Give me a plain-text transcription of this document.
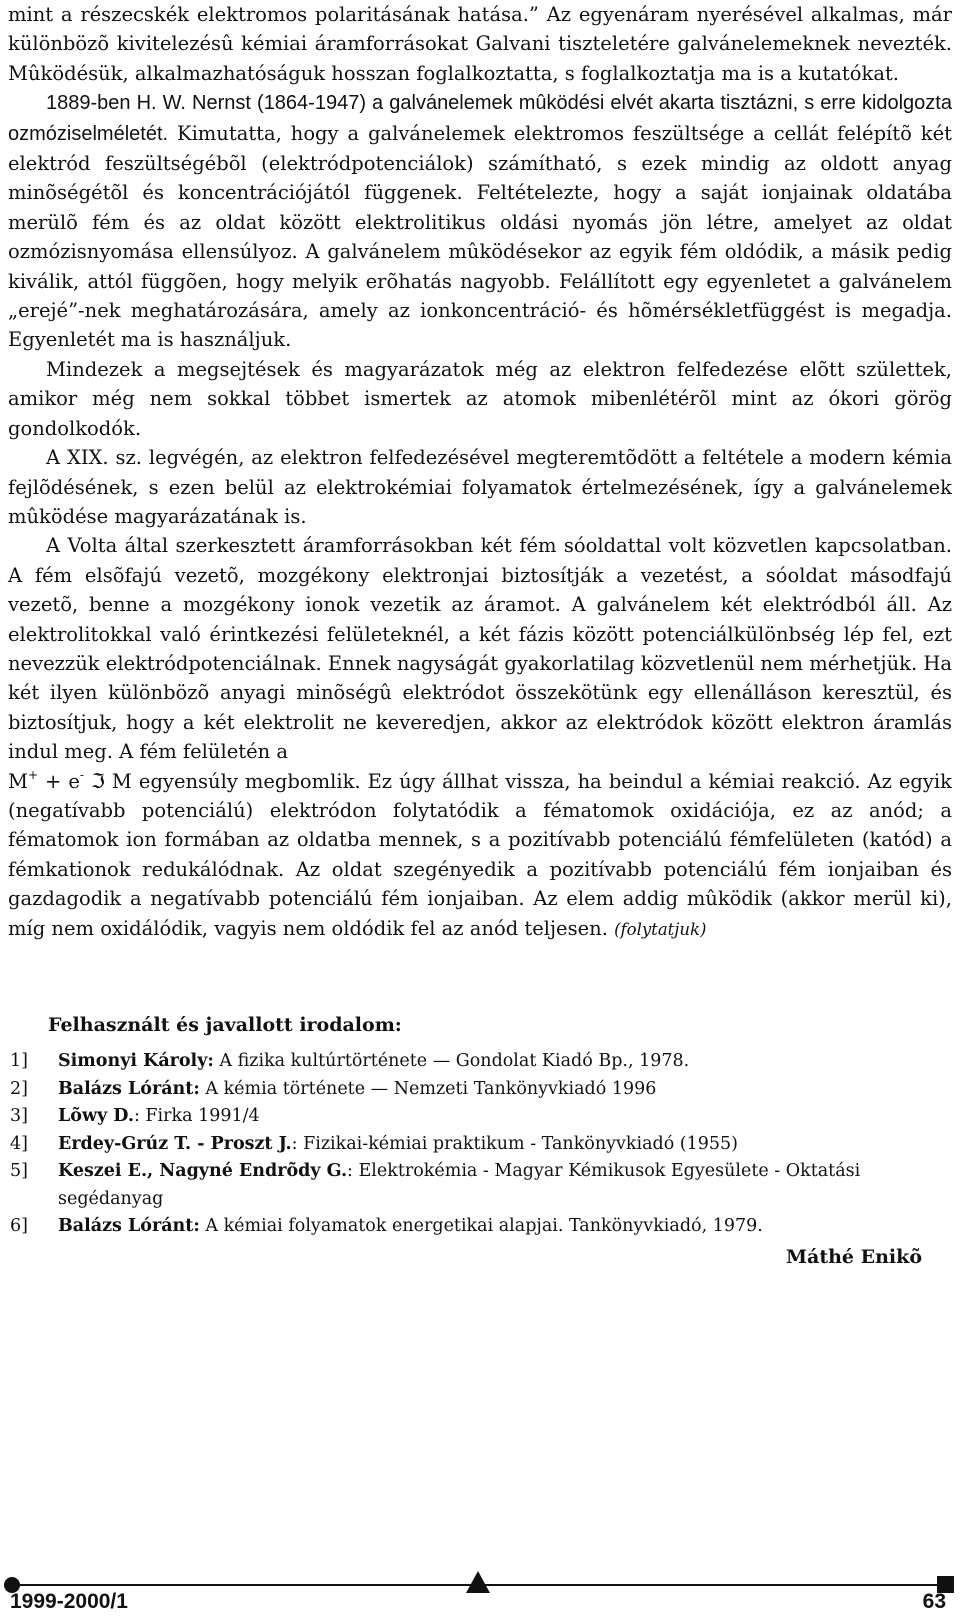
mint a részecskék elektromos polaritásának hatása.” Az egyenáram nyerésével alkalmas, már különbözõ kivitelezésû kémiai áramforrásokat Galvani tiszteletére galvánelemeknek nevezték. Mûködésük, alkalmazhatóságuk hosszan foglalkoztatta, s foglalkoztatja ma is a kutatókat.

1889-ben H. W. Nernst (1864-1947) a galvánelemek mûködési elvét akarta tisztázni, s erre kidolgozta ozmóziselméletét. Kimutatta, hogy a galvánelemek elektromos feszültsége a cellát felépítõ két elektród feszültségébõl (elektródpotenciálok) számítható, s ezek mindig az oldott anyag minõségétõl és koncentrációjától függenek. Feltételezte, hogy a saját ionjainak oldatába merülõ fém és az oldat között elektrolitikus oldási nyomás jön létre, amelyet az oldat ozmózisnyomása ellensúlyoz. A galvánelem mûködésekor az egyik fém oldódik, a másik pedig kiválik, attól függõen, hogy melyik erõhatás nagyobb. Felállított egy egyenletet a galvánelem „erejé”-nek meghatározására, amely az ionkoncentráció- és hõmérsékletfüggést is megadja. Egyenletét ma is használjuk.

Mindezek a megsejtések és magyarázatok még az elektron felfedezése elõtt születtek, amikor még nem sokkal többet ismertek az atomok mibenlétérõl mint az ókori görög gondolkodók.

A XIX. sz. legvégén, az elektron felfedezésével megteremtõdött a feltétele a modern kémia fejlõdésének, s ezen belül az elektrokémiai folyamatok értelmezésének, így a galvánelemek mûködése magyarázatának is.

A Volta által szerkesztett áramforrásokban két fém sóoldattal volt közvetlen kapcsolatban. A fém elsõfajú vezetõ, mozgékony elektronjai biztosítják a vezetést, a sóoldat másodfajú vezetõ, benne a mozgékony ionok vezetik az áramot. A galvánelem két elektródból áll. Az elektrolitokkal való érintkezési felületeknél, a két fázis között potenciálkülönbség lép fel, ezt nevezzük elektródpotenciálnak. Ennek nagyságát gyakorlatilag közvetlenül nem mérhetjük. Ha két ilyen különbözõ anyagi minõségû elektródot összekötünk egy ellenálláson keresztül, és biztosítjuk, hogy a két elektrolit ne keveredjen, akkor az elektródok között elektron áramlás indul meg. A fém felületén a
M+ + e- ℑ M egyensúly megbomlik. Ez úgy állhat vissza, ha beindul a kémiai reakció. Az egyik (negatívabb potenciálú) elektródon folytatódik a fématomok oxidációja, ez az anód; a fématomok ion formában az oldatba mennek, s a pozitívabb potenciálú fémfelületen (katód) a fémkationok redukálódnak. Az oldat szegényedik a pozitívabb potenciálú fém ionjaiban és gazdagodik a negatívabb potenciálú fém ionjaiban. Az elem addig mûködik (akkor merül ki), míg nem oxidálódik, vagyis nem oldódik fel az anód teljesen. (folytatjuk)

Felhasznált és javallott irodalom:
1]	Simonyi Károly: A fizika kultúrtörténete — Gondolat Kiadó Bp., 1978.
2]	Balázs Lóránt: A kémia története — Nemzeti Tankönyvkiadó 1996
3]	Lõwy D.: Firka 1991/4
4]	Erdey-Grúz T. - Proszt J.: Fizikai-kémiai praktikum - Tankönyvkiadó (1955)
5]	Keszei E., Nagyné Endrõdy G.: Elektrokémia - Magyar Kémikusok Egyesülete - Oktatási segédanyag
6]	Balázs Lóránt: A kémiai folyamatok energetikai alapjai. Tankönyvkiadó, 1979.
Máthé Enikõ
1999-2000/1	63
